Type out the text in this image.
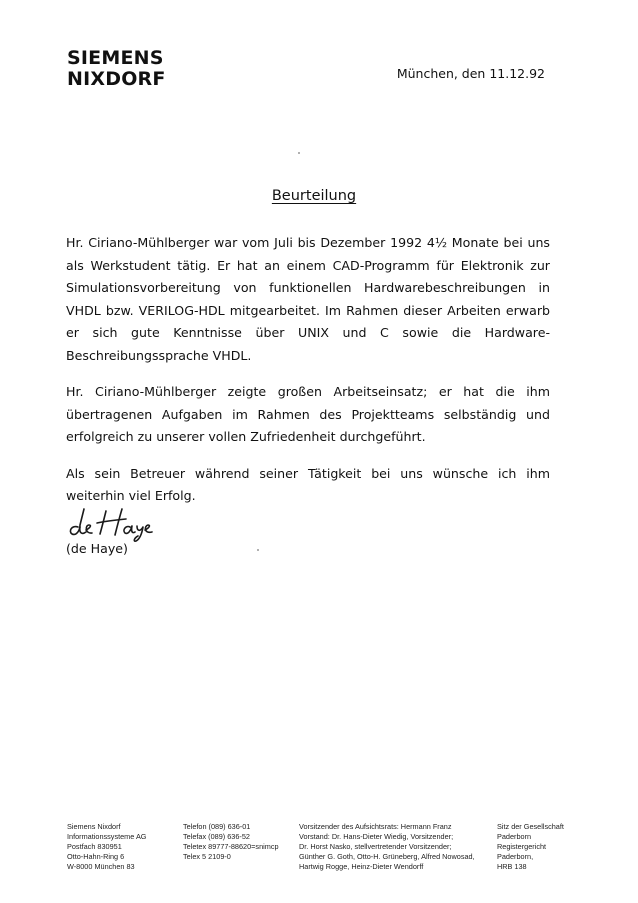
SIEMENS
NIXDORF	München, den 11.12.92
Beurteilung

Hr. Ciriano-Mühlberger war vom Juli bis Dezember 1992 4½ Monate bei uns als Werkstudent tätig. Er hat an einem CAD-Programm für Elektronik zur Simulationsvorbereitung von funktionellen Hardwarebeschreibungen in VHDL bzw. VERILOG-HDL mitgearbeitet. Im Rahmen dieser Arbeiten erwarb er sich gute Kenntnisse über UNIX und C sowie die Hardware-Beschreibungssprache VHDL.

Hr. Ciriano-Mühlberger zeigte großen Arbeitseinsatz; er hat die ihm übertragenen Aufgaben im Rahmen des Projektteams selbständig und erfolgreich zu unserer vollen Zufriedenheit durchgeführt.

Als sein Betreuer während seiner Tätigkeit bei uns wünsche ich ihm weiterhin viel Erfolg.

(de Haye)
Siemens Nixdorf
Informationssysteme AG
Postfach 830951
Otto-Hahn-Ring 6
W-8000 München 83
Telefon (089) 636-01
Telefax (089) 636-52
Teletex 89777-88620=snimcp
Telex 5 2109-0
Vorsitzender des Aufsichtsrats: Hermann Franz
Vorstand: Dr. Hans-Dieter Wiedig, Vorsitzender;
Dr. Horst Nasko, stellvertretender Vorsitzender;
Günther G. Goth, Otto-H. Grüneberg, Alfred Nowosad,
Hartwig Rogge, Heinz-Dieter Wendorff
Sitz der Gesellschaft
Paderborn
Registergericht
Paderborn,
HRB 138
